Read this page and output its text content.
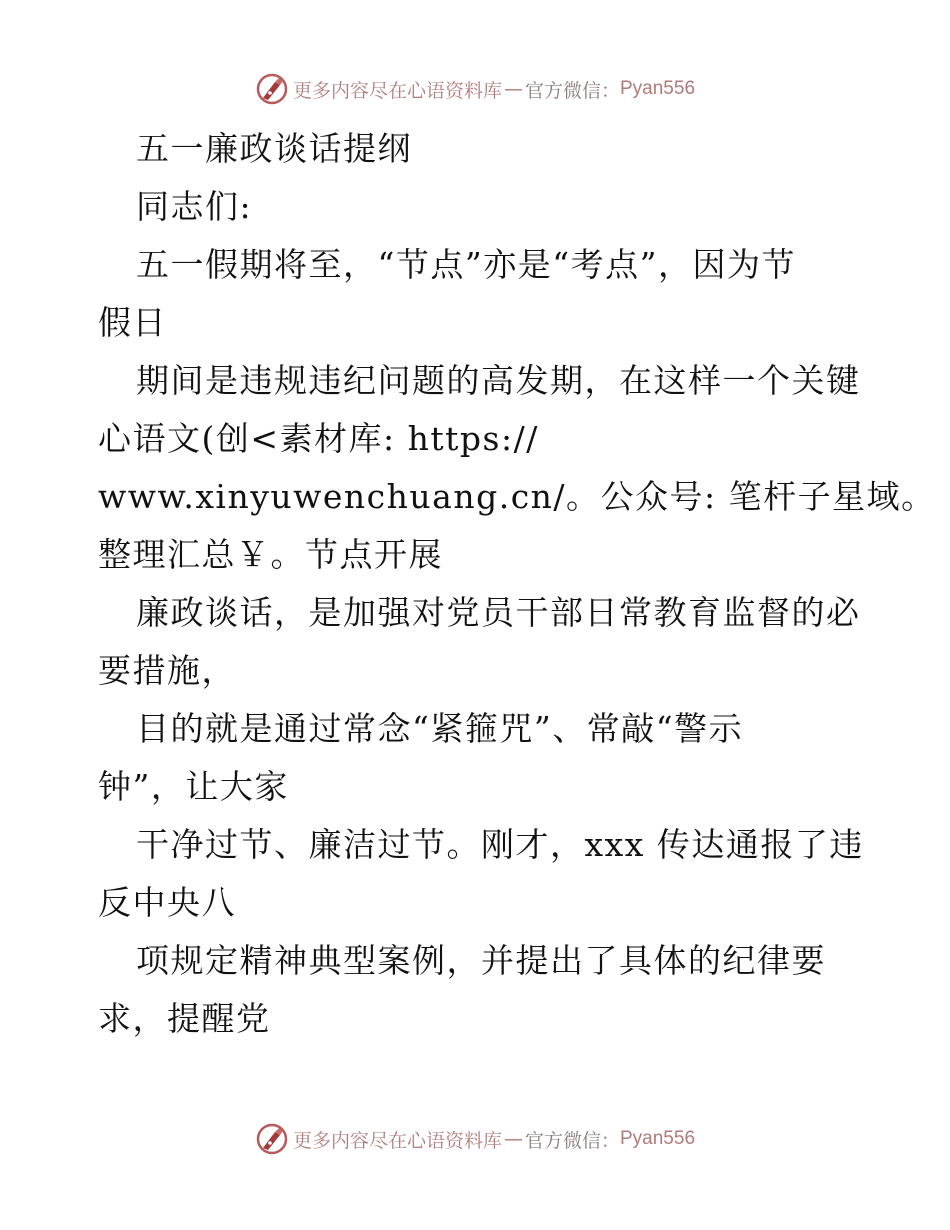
更多内容尽在心语资料库 — 官方微信： Pyan556
五一廉政谈话提纲
同志们:
五一假期将至，“节点”亦是“考点”，因为节
假日
期间是违规违纪问题的高发期，在这样一个关键
心语文(创<素材库: https://
www.xinyuwenchuang.cn/。公众号: 笔杆子星域。
整理汇总￥。节点开展
廉政谈话，是加强对党员干部日常教育监督的必
要措施，
目的就是通过常念“紧箍咒”、常敲“警示
钟”，让大家
干净过节、廉洁过节。刚才，xxx 传达通报了违
反中央八
项规定精神典型案例，并提出了具体的纪律要
求，提醒党
更多内容尽在心语资料库 — 官方微信： Pyan556
